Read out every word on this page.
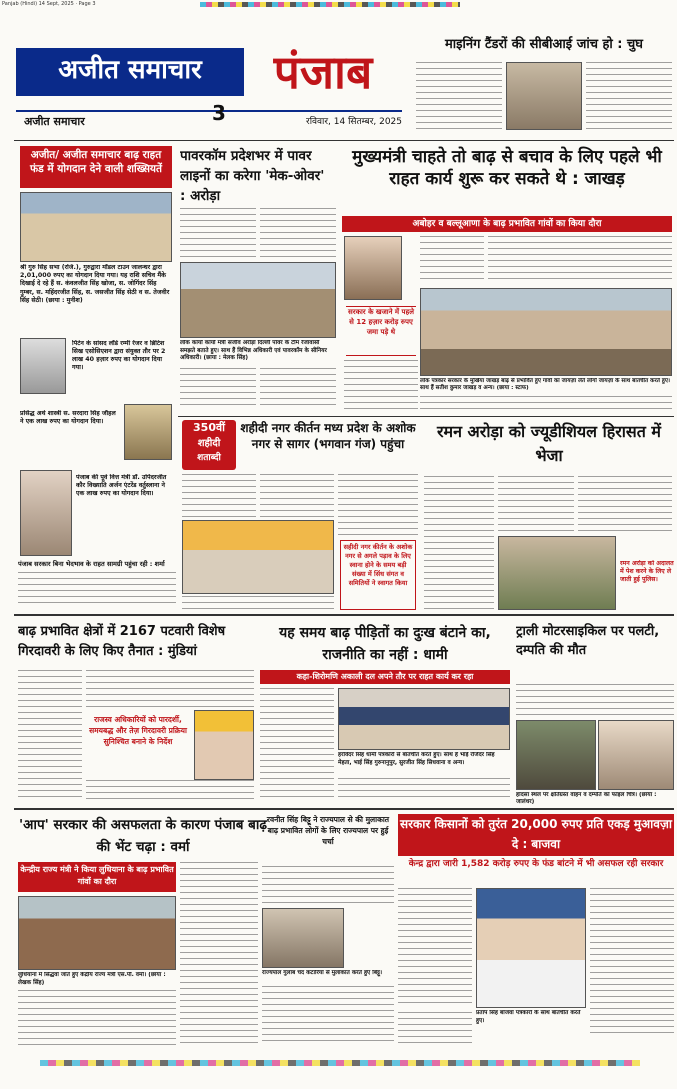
Panjab (Hindi) 14 Sept, 2025 · Page 3
अजीत समाचार	पंजाब
अजीत समाचार	3	रविवार, 14 सितम्बर, 2025
माइनिंग टैंडरों की सीबीआई जांच हो : चुघ
अजीत/ अजीत समाचार बाढ़ राहत फंड में योगदान देने वाली शख्सियतें
श्री गुरु सिंह सभा (रजि.), गुरुद्वारा मॉडल टाउन जालन्धर द्वारा 2,01,000 रुपए का योगदान दिया गया। यह राशि सचिव मैंके दिखाई दे रहे हैं स. कंवलजीत सिंह खोजा, स. जोगिंदर सिंह गुम्बर, स. महिंदरजीत सिंह, स. जसजीत सिंह सेठी व स. तेजवीर सिंह सेठी। (छाया : मुनीश)
पिटेन के सांसद लॉर्ड रम्मी रेंजर व ब्रिटिश सिख एसोसिएशन द्वारा संयुक्त तौर पर 2 लाख 40 हज़ार रुपए का योगदान दिया गया।
प्रसिद्ध अर्थ शास्त्री स. सरदारा सिंह जौहल ने एक लाख रुपए का योगदान दिया।
पंजाब की पूर्व वित्त मंत्री डॉ. उपिंदरजीत कौर विख्याति अर्जन एंटरेंड वर्तुस्लाना ने एक लाख रुपए का योगदान दिया।
पंजाब सरकार बिना भेदभाव के राहत सामग्री पहुंचा रही : शर्मा
पावरकॉम प्रदेशभर में पावर लाइनों का करेगा 'मेक-ओवर' : अरोड़ा
लोक कार्यों कार्यों मंत्री संजीव अरोड़ा दिल्ली पॉवर के टीम रेजावासी समझते बताते हुए। साथ हैं विभिन्न अधिकारी एवं पावरकॉम के सीनियर अधिकारी। (छाया : मेलक सिंह)
मुख्यमंत्री चाहते तो बाढ़ से बचाव के लिए पहले भी राहत कार्य शुरू कर सकते थे : जाखड़
अबोहर व बल्लूआणा के बाढ़ प्रभावित गांवों का किया दौरा
सरकार के खजाने में पहले से 12 हज़ार करोड़ रुपए जमा पड़े थे
लोक पत्रकार सरकार के मुखिया जाखड़ बाढ़ से प्रभावित हुए गांवों का जायज़ा लेते लोगों जायज़ा के साथ बातचीत करते हुए। साथ हैं सतीश कुमार जाखड़ व अन्य। (छाया : स्टाफ)
350वीं
शहीदी
शताब्दी
शहीदी नगर कीर्तन मध्य प्रदेश के अशोक नगर से सागर (भगवान गंज) पहुंचा
सहीदी नगर कीर्तन के अशोक नगर से अगले पड़ाव के लिए स्वाना होने के समय बड़ी संख्या में सिंध संगत व समितियों ने स्वागत किया
रमन अरोड़ा को ज्यूडीशियल हिरासत में भेजा
रमन अरोड़ा को अदालत में पेश करने के लिए ले जाती हुई पुलिस।
बाढ़ प्रभावित क्षेत्रों में 2167 पटवारी विशेष गिरदावरी के लिए किए तैनात : मुंडियां
राजस्व अधिकारियों को पारदर्शी, समयबद्ध और तेज़ गिरदावरी प्रक्रिया सुनिश्चित बनाने के निर्देश
यह समय बाढ़ पीड़ितों का दुःख बंटाने का, राजनीति का नहीं : धामी
कहा-शिरोमणि अकाली दल अपने तौर पर राहत कार्य कर रहा
हरविंदर सिंह धामी पत्रकारों से बातचीत करते हुए। साथ हैं भाई रजिंदर सिंह मेहता, भाई सिंह गुरुनानुपुर, सुरजीत सिंह सिधवाना व अन्य।
ट्राली मोटरसाइकिल पर पलटी, दम्पति की मौत
हादसा स्थल पर क्षतिग्रस्त वाहन व दम्पति का फाइल चित्र। (छाया : जालंधर)
'आप' सरकार की असफलता के कारण पंजाब बाढ़ की भेंट चढ़ा : वर्मा
केन्द्रीय राज्य मंत्री ने किया लुधियाना के बाढ़ प्रभावित गांवों का दौरा
लुधियाना में सिद्धवां जाते हुए केंद्रीय राज्य मंत्री एस.पी. वर्मा। (छाया : लेखक सिंह)
रवनीत सिंह बिट्टू ने राज्यपाल से की मुलाकात बाढ़ प्रभावित लोगों के लिए राज्यपाल पर हुई चर्चा
राज्यपाल गुलाब चंद कटारिया से मुलाकात करते हुए बिट्टू।
सरकार किसानों को तुरंत 20,000 रुपए प्रति एकड़ मुआवज़ा दे : बाजवा
केन्द्र द्वारा जारी 1,582 करोड़ रुपए के फंड बांटने में भी असफल रही सरकार
प्रताप सिंह बाजवा पत्रकारों के साथ बातचीत करते हुए।
